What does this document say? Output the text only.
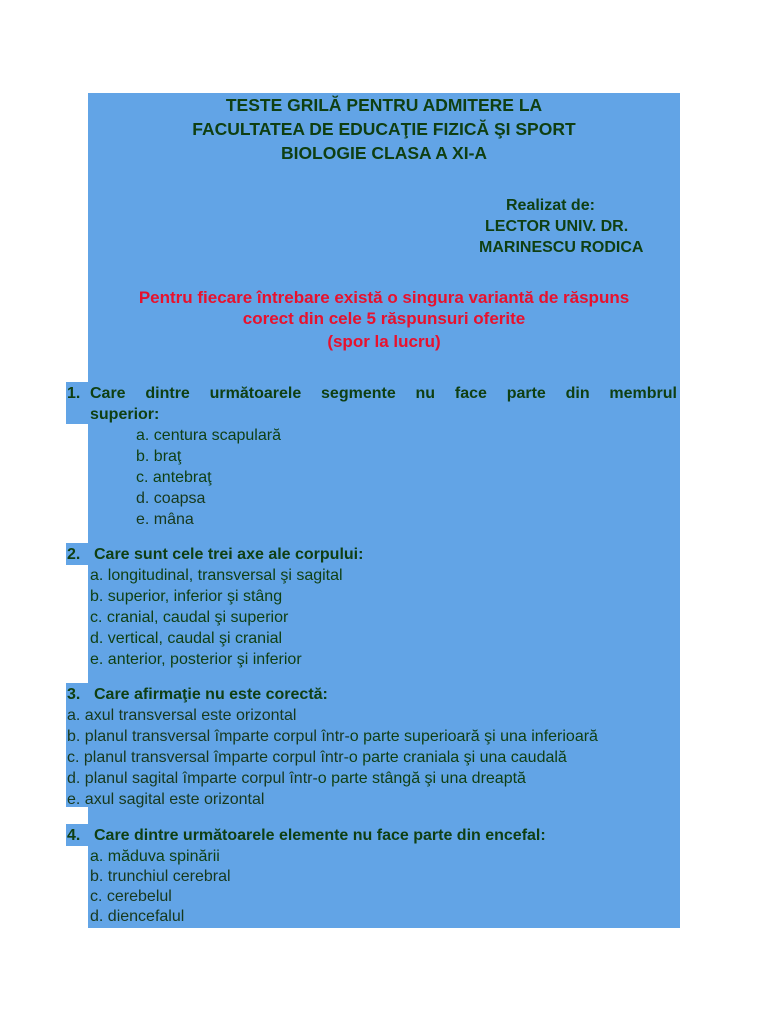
TESTE GRILĂ PENTRU ADMITERE LA
FACULTATEA DE EDUCAŢIE FIZICĂ ŞI SPORT
BIOLOGIE CLASA A XI-A
Realizat de:
LECTOR UNIV. DR.
MARINESCU RODICA
Pentru fiecare întrebare există o singura variantă de răspuns
corect din cele 5 răspunsuri oferite
(spor la lucru)
1. Care dintre următoarele segmente nu face parte din membrul
superior:
a. centura scapulară
b. braţ
c. antebraţ
d. coapsa
e. mâna
2. Care sunt cele trei axe ale corpului:
a. longitudinal, transversal şi sagital
b. superior, inferior şi stâng
c. cranial, caudal şi superior
d. vertical, caudal şi cranial
e. anterior, posterior şi inferior
3. Care afirmaţie nu este corectă:
a. axul transversal este orizontal
b. planul transversal împarte corpul într-o parte superioară şi una inferioară
c. planul transversal împarte corpul într-o parte craniala şi una caudală
d. planul sagital împarte corpul într-o parte stângă şi una dreaptă
e. axul sagital este orizontal
4. Care dintre următoarele elemente nu face parte din encefal:
a. măduva spinării
b. trunchiul cerebral
c. cerebelul
d. diencefalul
